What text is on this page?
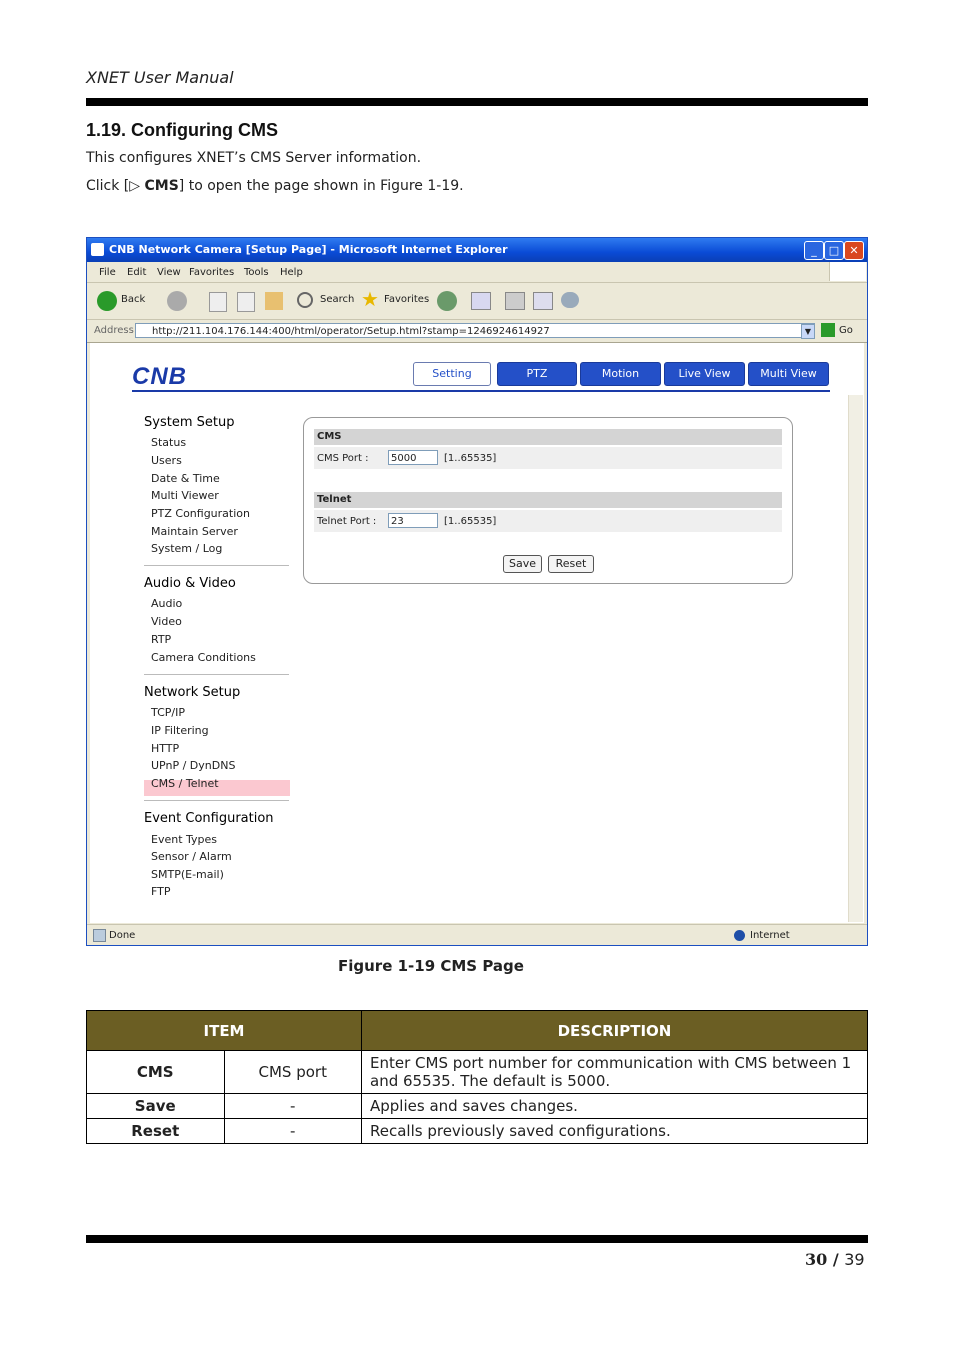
XNET User Manual
1.19. Configuring CMS
This configures XNET’s CMS Server information.
Click [▷ CMS] to open the page shown in Figure 1-19.
CNB Network Camera [Setup Page] - Microsoft Internet Explorer	_	□ ✕
File Edit View Favorites Tools Help
Back	Search ★ Favorites
Address	http://211.104.176.144:400/html/operator/Setup.html?stamp=1246924614927	▼	Go
CNB	Setting	PTZ	Motion	Live View	Multi View
System Setup
Status
Users
Date & Time
Multi Viewer
PTZ Configuration
Maintain Server
System / Log
Audio & Video
Audio
Video
RTP
Camera Conditions
Network Setup
TCP/IP
IP Filtering
HTTP
UPnP / DynDNS
CMS / Telnet
Event Configuration
Event Types
Sensor / Alarm
SMTP(E-mail)
FTP
CMS
CMS Port :	5000	[1..65535]
Telnet
Telnet Port :	23	[1..65535]
Save	Reset
Done	Internet
Figure 1-19 CMS Page
ITEM		DESCRIPTION
CMS	CMS port	Enter CMS port number for communication with CMS between 1 and 65535. The default is 5000.
Save	-	Applies and saves changes.
Reset	-	Recalls previously saved configurations.
30 / 39
